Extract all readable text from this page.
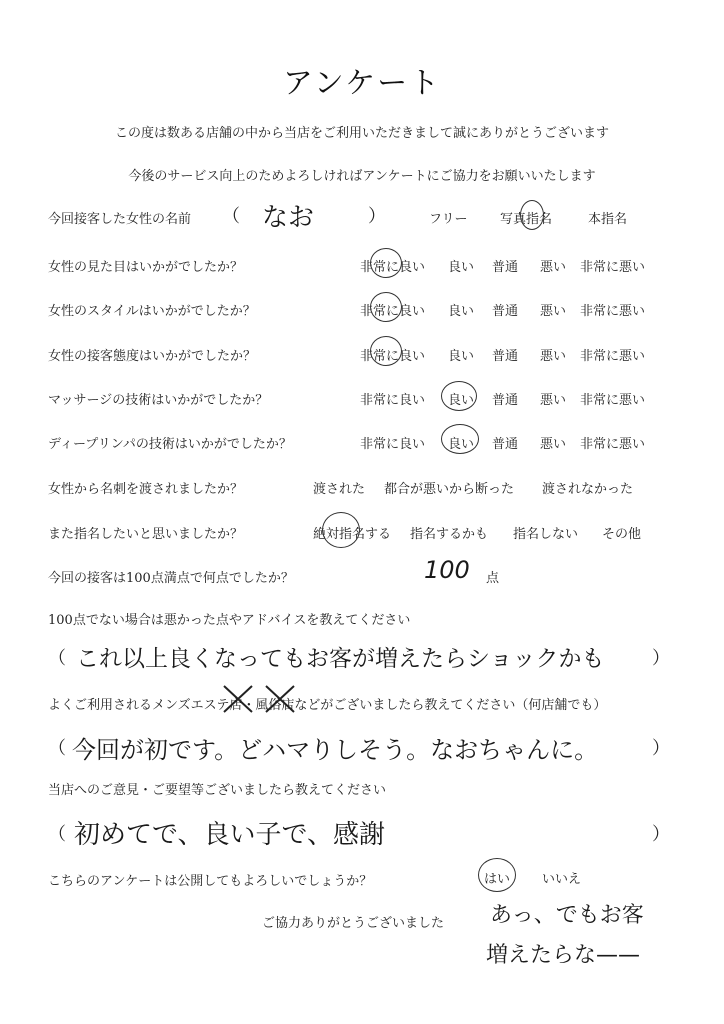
アンケート
この度は数ある店舗の中から当店をご利用いただきまして誠にありがとうございます
今後のサービス向上のためよろしければアンケートにご協力をお願いいたします
今回接客した女性の名前 （ なお	）	フリー	写真指名	本指名
女性の見た目はいかがでしたか？	非常に良い 良い 普通 悪い 非常に悪い
女性のスタイルはいかがでしたか？	非常に良い 良い 普通 悪い 非常に悪い
女性の接客態度はいかがでしたか？	非常に良い 良い 普通 悪い 非常に悪い
マッサージの技術はいかがでしたか？	非常に良い 良い 普通 悪い 非常に悪い
ディープリンパの技術はいかがでしたか？	非常に良い 良い 普通 悪い 非常に悪い
女性から名刺を渡されましたか？	渡された 都合が悪いから断った 渡されなかった
また指名したいと思いましたか？	絶対指名する 指名するかも 指名しない その他
今回の接客は100点満点で何点でしたか？	100 点
100点でない場合は悪かった点やアドバイスを教えてください
（ これ以上良くなってもお客が増えたらショックかも	）
よくご利用されるメンズエステ店・風俗店などがございましたら教えてください（何店舗でも）
（ 今回が初です。どハマりしそう。なおちゃんに。	）
当店へのご意見・ご要望等ございましたら教えてください
（ 初めてで、良い子で、感謝	）
こちらのアンケートは公開してもよろしいでしょうか？	はい いいえ
ご協力ありがとうございました あっ、でもお客
増えたらな——
